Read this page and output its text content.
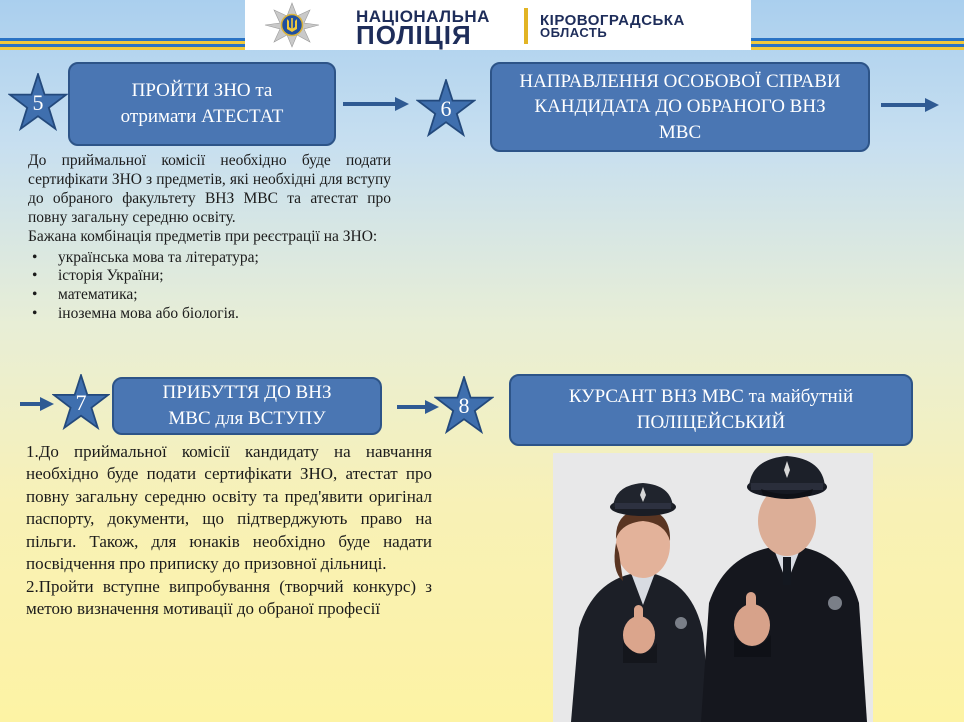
НАЦІОНАЛЬНА
ПОЛІЦІЯ	КІРОВОГРАДСЬКА
ОБЛАСТЬ
5	ПРОЙТИ ЗНО та отримати АТЕСТАТ	6
НАПРАВЛЕННЯ ОСОБОВОЇ СПРАВИ КАНДИДАТА ДО ОБРАНОГО ВНЗ МВС

До приймальної комісії необхідно буде подати сертифікати ЗНО з предметів, які необхідні для вступу до обраного факультету ВНЗ МВС та атестат про повну загальну середню освіту.

Бажана комбінація предметів при реєстрації на ЗНО:

• українська мова та література;
• історія України;
• математика;
• іноземна мова або біологія.
7	ПРИБУТТЯ ДО ВНЗ МВС для ВСТУПУ
8	КУРСАНТ ВНЗ МВС та майбутній ПОЛІЦЕЙСЬКИЙ

1.До приймальної комісії кандидату на навчання необхідно буде подати сертифікати ЗНО, атестат про повну загальну середню освіту та пред'явити оригінал паспорту, документи, що підтверджують право на пільги. Також, для юнаків необхідно буде надати посвідчення про приписку до призовної дільниці.

2.Пройти вступне випробування (творчий конкурс) з метою визначення мотивації до обраної професії
